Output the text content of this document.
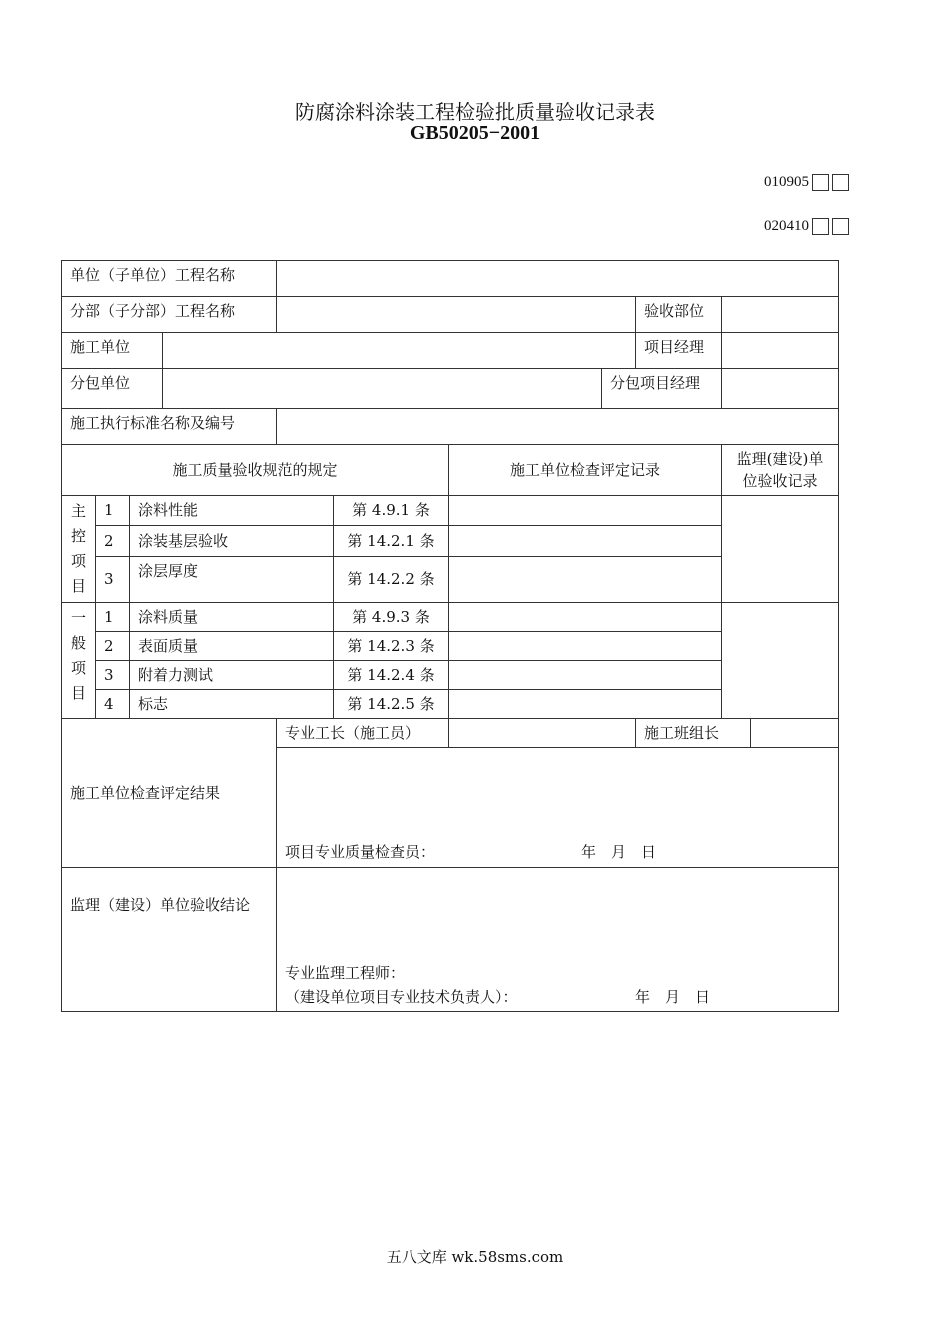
防腐涂料涂装工程检验批质量验收记录表
GB50205−2001
010905
020410
单位（子单位）工程名称										
分部（子分部）工程名称								验收部位		
施工单位								项目经理		
分包单位							分包项目经理			
施工执行标准名称及编号										
施工质量验收规范的规定						施工单位检查评定记录			监理(建设)单位验收记录	

主
控
项
目	1	涂料性能			第 4.9.1 条					
	2	涂装基层验收			第 14.2.1 条					
	3	涂层厚度			第 14.2.2 条					

一
般
项
目	1	涂料质量			第 4.9.3 条					
	2	表面质量			第 14.2.3 条					
	3	附着力测试			第 14.2.4 条					
	4	标志			第 14.2.5 条					
施工单位检查评定结果				专业工长（施工员）				施工班组长		

				项目专业质量检查员： 年　月　日						

监理（建设）单位验收结论				专业监理工程师：
（建设单位项目专业技术负责人）： 年　月　日						
五八文库 wk.58sms.com
